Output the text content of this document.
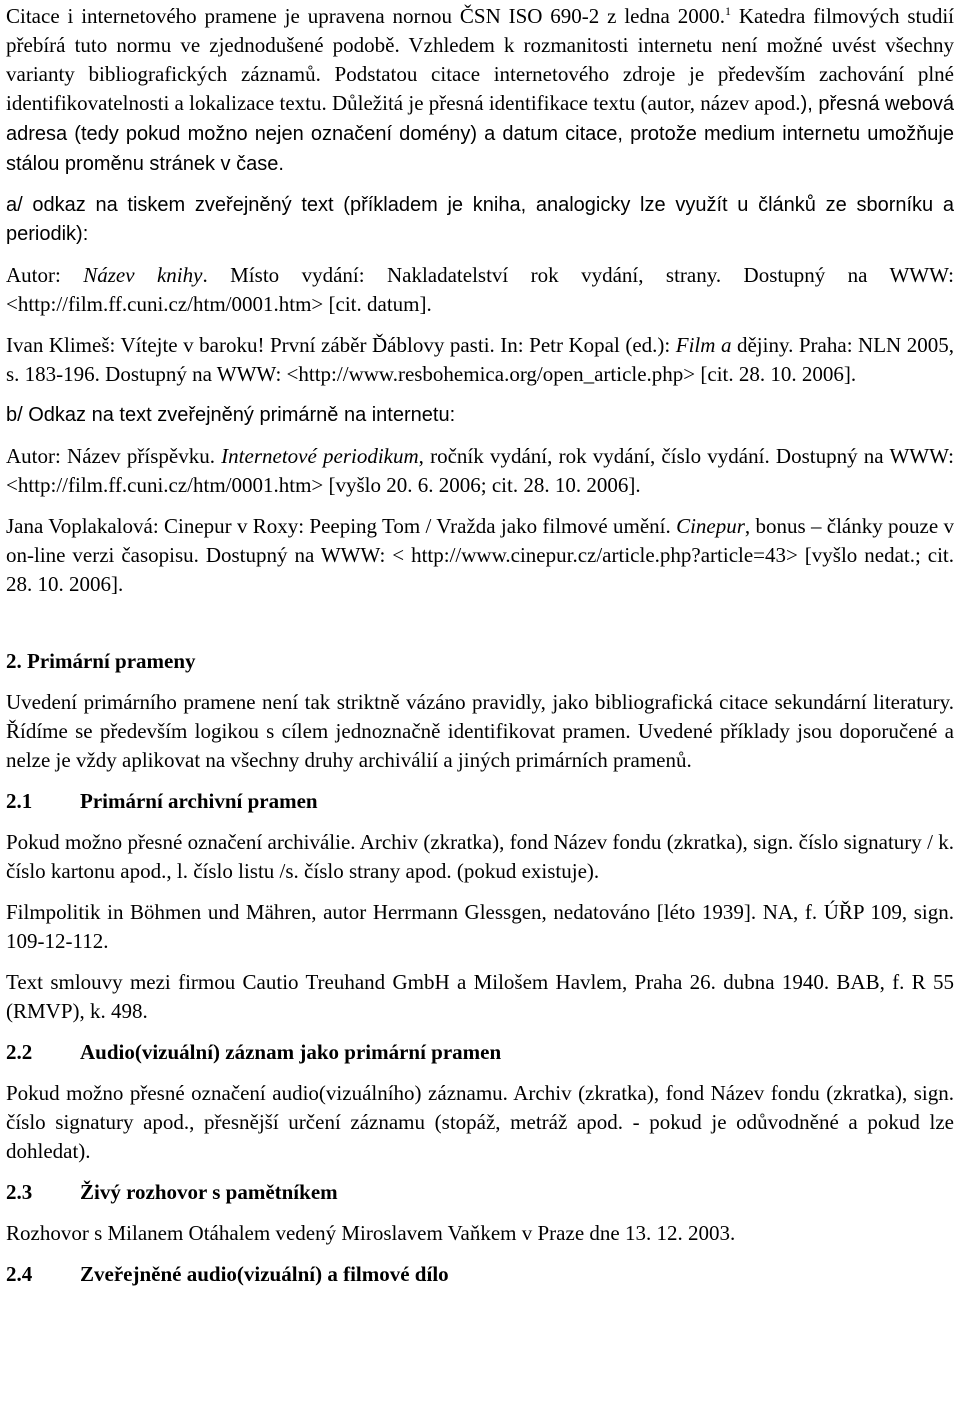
Citace i internetového pramene je upravena nornou ČSN ISO 690-2 z ledna 2000.$^1$ Katedra filmových studií přebírá tuto normu ve zjednodušené podobě. Vzhledem k rozmanitosti internetu není možné uvést všechny varianty bibliografických záznamů. Podstatou citace internetového zdroje je především zachování plné identifikovatelnosti a lokalizace textu. Důležitá je přesná identifikace textu (autor, název apod.), přesná webová adresa (tedy pokud možno nejen označení domény) a datum citace, protože medium internetu umožňuje stálou proměnu stránek v čase.

a/ odkaz na tiskem zveřejněný text (příkladem je kniha, analogicky lze využít u článků ze sborníku a periodik):

Autor: Název knihy. Místo vydání: Nakladatelství rok vydání, strany. Dostupný na WWW: <http://film.ff.cuni.cz/htm/0001.htm> [cit. datum].

Ivan Klimeš: Vítejte v baroku! První záběr Ďáblovy pasti. In: Petr Kopal (ed.): Film a dějiny. Praha: NLN 2005, s. 183-196. Dostupný na WWW: <http://www.resbohemica.org/open_article.php> [cit. 28. 10. 2006].

b/ Odkaz na text zveřejněný primárně na internetu:

Autor: Název příspěvku. Internetové periodikum, ročník vydání, rok vydání, číslo vydání. Dostupný na WWW: <http://film.ff.cuni.cz/htm/0001.htm> [vyšlo 20. 6. 2006; cit. 28. 10. 2006].

Jana Voplakalová: Cinepur v Roxy: Peeping Tom / Vražda jako filmové umění. Cinepur, bonus – články pouze v on-line verzi časopisu. Dostupný na WWW: < http://www.cinepur.cz/article.php?article=43> [vyšlo nedat.; cit. 28. 10. 2006].

2. Primární prameny

Uvedení primárního pramene není tak striktně vázáno pravidly, jako bibliografická citace sekundární literatury. Řídíme se především logikou s cílem jednoznačně identifikovat pramen. Uvedené příklady jsou doporučené a nelze je vždy aplikovat na všechny druhy archiválií a jiných primárních pramenů.

2.1	Primární archivní pramen

Pokud možno přesné označení archiválie. Archiv (zkratka), fond Název fondu (zkratka), sign. číslo signatury / k. číslo kartonu apod., l. číslo listu /s. číslo strany apod. (pokud existuje).

Filmpolitik in Böhmen und Mähren, autor Herrmann Glessgen, nedatováno [léto 1939]. NA, f. ÚŘP 109, sign. 109-12-112.

Text smlouvy mezi firmou Cautio Treuhand GmbH a Milošem Havlem, Praha 26. dubna 1940. BAB, f. R 55 (RMVP), k. 498.

2.2	Audio(vizuální) záznam jako primární pramen

Pokud možno přesné označení audio(vizuálního) záznamu. Archiv (zkratka), fond Název fondu (zkratka), sign. číslo signatury apod., přesnější určení záznamu (stopáž, metráž apod. - pokud je odůvodněné a pokud lze dohledat).

2.3	Živý rozhovor s pamětníkem

Rozhovor s Milanem Otáhalem vedený Miroslavem Vaňkem v Praze dne 13. 12. 2003.

2.4	Zveřejněné audio(vizuální) a filmové dílo
